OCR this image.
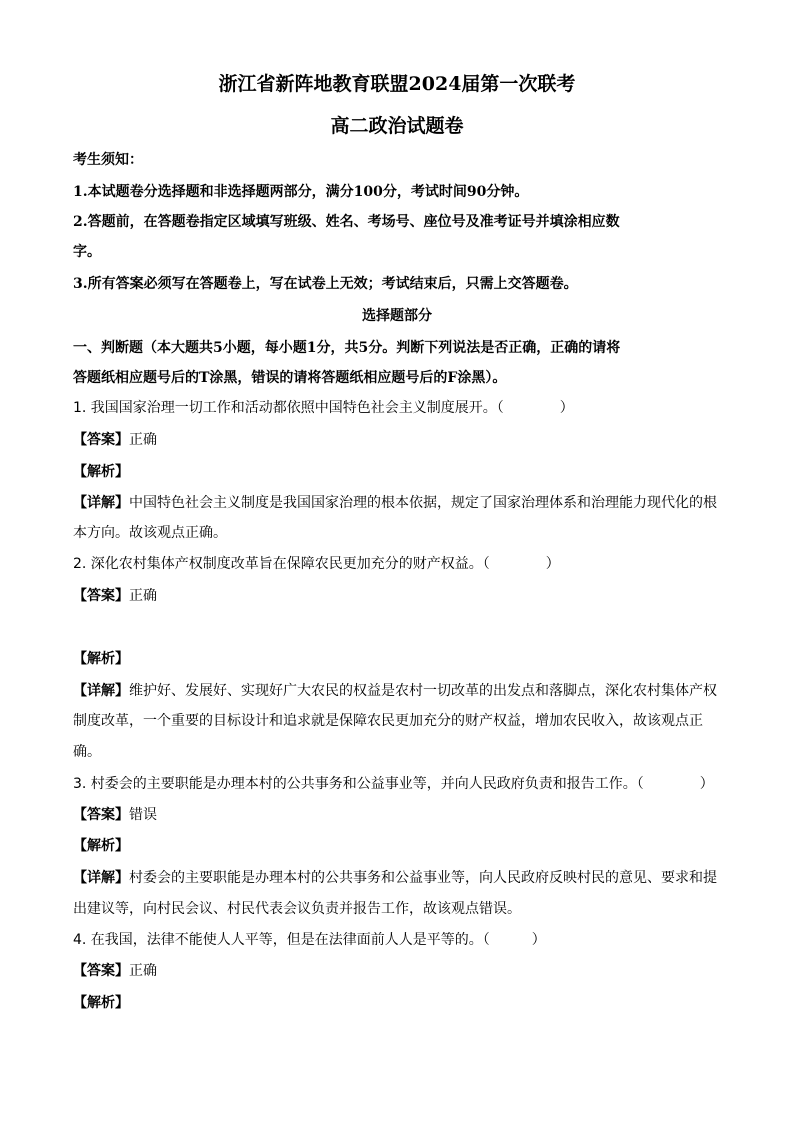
浙江省新阵地教育联盟2024届第一次联考

高二政治试题卷

考生须知：

1.本试题卷分选择题和非选择题两部分，满分100分，考试时间90分钟。

2.答题前，在答题卷指定区域填写班级、姓名、考场号、座位号及准考证号并填涂相应数

字。

3.所有答案必须写在答题卷上，写在试卷上无效；考试结束后，只需上交答题卷。

选择题部分

一、判断题（本大题共5小题，每小题1分，共5分。判断下列说法是否正确，正确的请将

答题纸相应题号后的T涂黑，错误的请将答题纸相应题号后的F涂黑）。

1. 我国国家治理一切工作和活动都依照中国特色社会主义制度展开。（　　　　）

【答案】正确

【解析】

【详解】中国特色社会主义制度是我国国家治理的根本依据，规定了国家治理体系和治理能力现代化的根

本方向。故该观点正确。

2. 深化农村集体产权制度改革旨在保障农民更加充分的财产权益。（　　　　）

【答案】正确

【解析】

【详解】维护好、发展好、实现好广大农民的权益是农村一切改革的出发点和落脚点，深化农村集体产权

制度改革，一个重要的目标设计和追求就是保障农民更加充分的财产权益，增加农民收入，故该观点正

确。

3. 村委会的主要职能是办理本村的公共事务和公益事业等，并向人民政府负责和报告工作。（　　　　）

【答案】错误

【解析】

【详解】村委会的主要职能是办理本村的公共事务和公益事业等，向人民政府反映村民的意见、要求和提

出建议等，向村民会议、村民代表会议负责并报告工作，故该观点错误。

4. 在我国，法律不能使人人平等，但是在法律面前人人是平等的。（　　　）

【答案】正确

【解析】
